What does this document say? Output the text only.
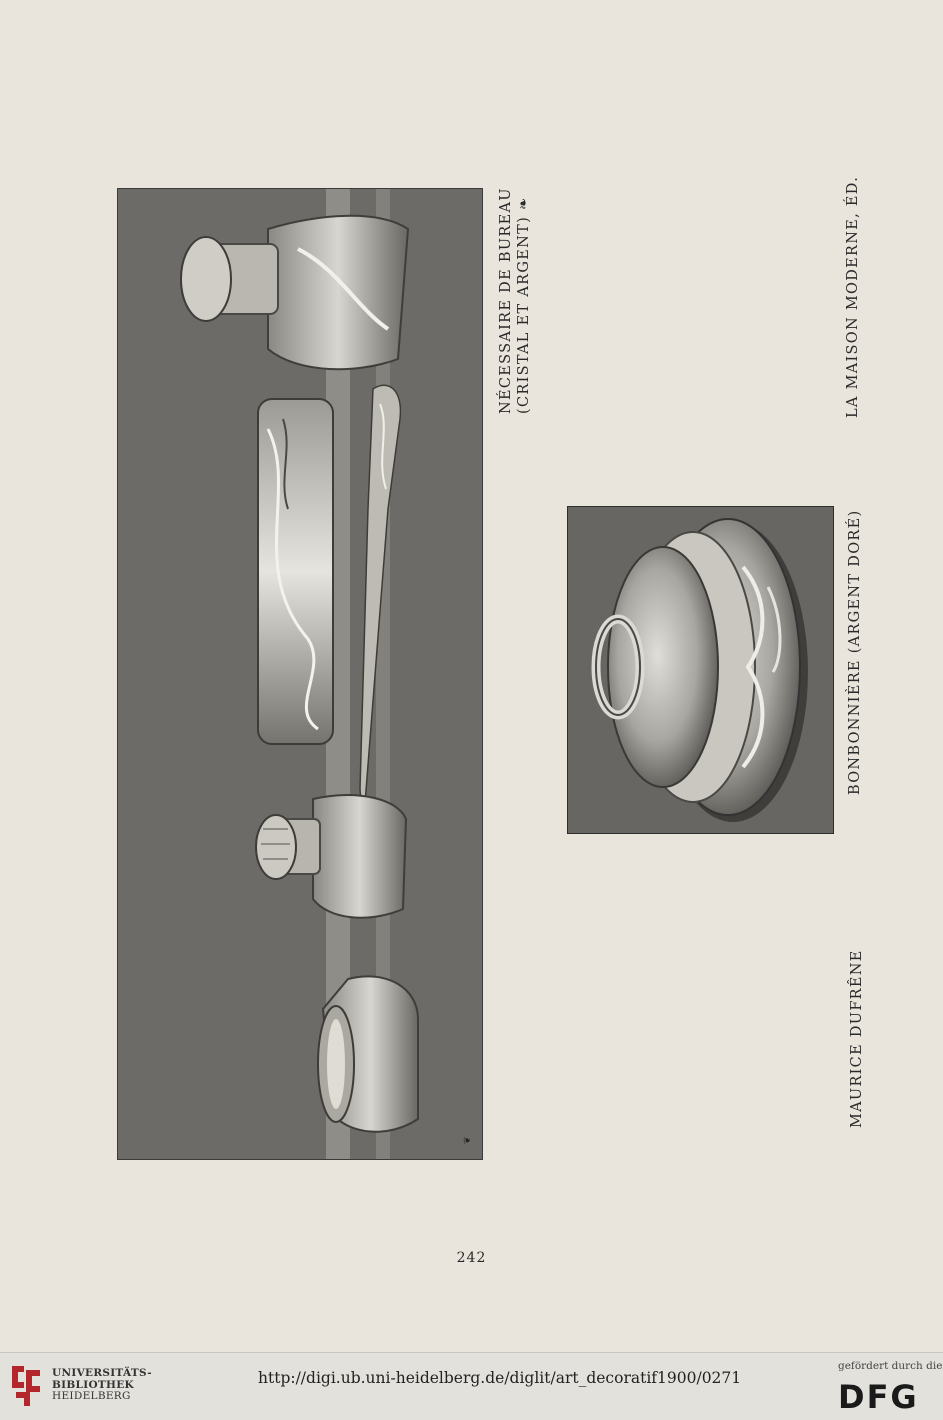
❦
NÉCESSAIRE DE BUREAU (CRISTAL ET ARGENT) ❧	LA MAISON MODERNE, ÉD.
BONBONNIÈRE (ARGENT DORÉ)
MAURICE DUFRÊNE
242
UNIVERSITÄTS-
BIBLIOTHEK
HEIDELBERG
http://digi.ub.uni-heidelberg.de/diglit/art_decoratif1900/0271
gefördert durch die
DFG
